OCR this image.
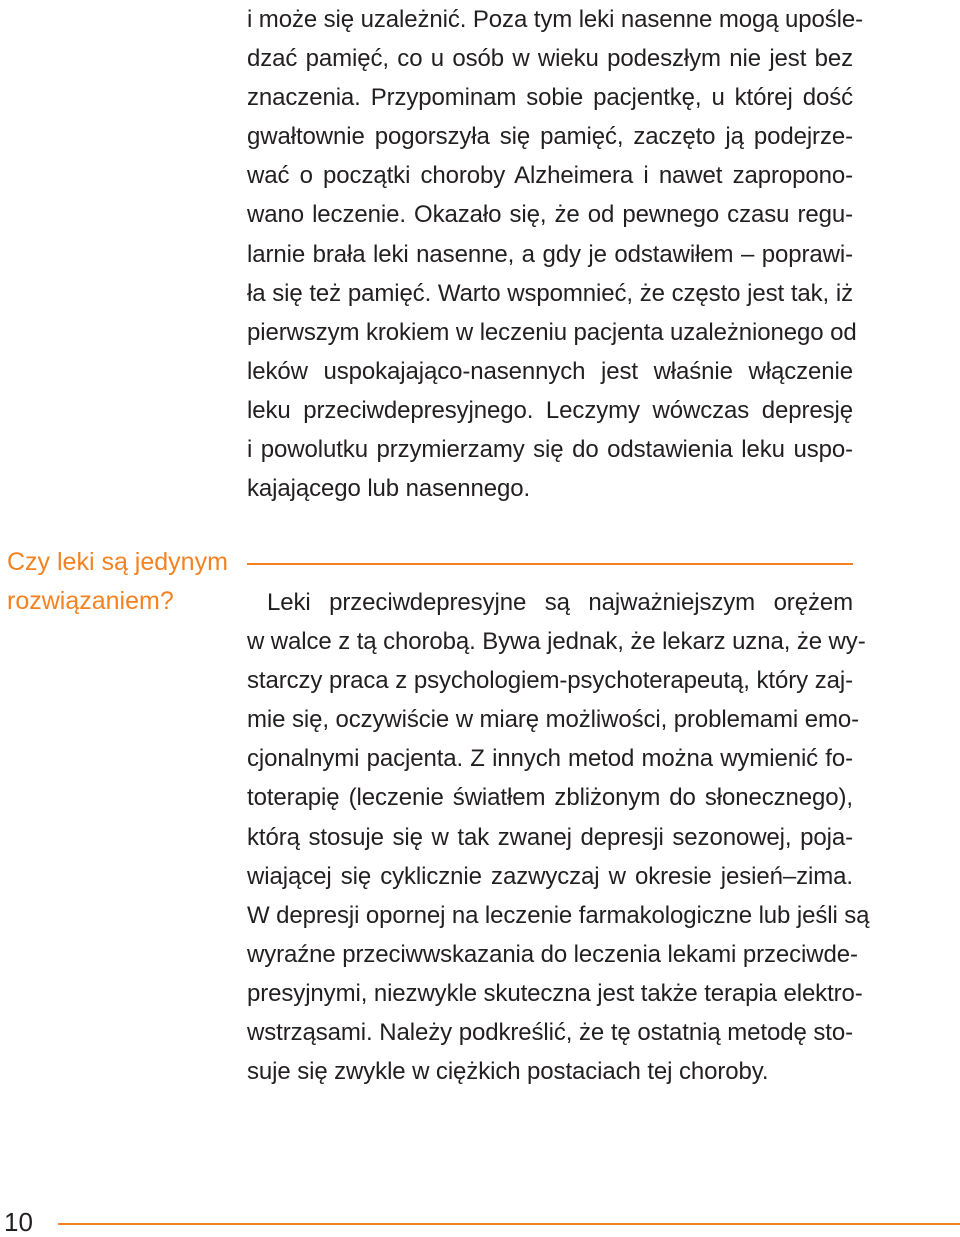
i może się uzależnić. Poza tym leki nasenne mogą upośle-
dzać pamięć, co u osób w wieku podeszłym nie jest bez
znaczenia. Przypominam sobie pacjentkę, u której dość
gwałtownie pogorszyła się pamięć, zaczęto ją podejrze-
wać o początki choroby Alzheimera i nawet zapropono-
wano leczenie. Okazało się, że od pewnego czasu regu-
larnie brała leki nasenne, a gdy je odstawiłem – poprawi-
ła się też pamięć. Warto wspomnieć, że często jest tak, iż
pierwszym krokiem w leczeniu pacjenta uzależnionego od
leków uspokajająco-nasennych jest właśnie włączenie
leku przeciwdepresyjnego. Leczymy wówczas depresję
i powolutku przymierzamy się do odstawienia leku uspo-
kajającego lub nasennego.
Czy leki są jedynym
rozwiązaniem?	Leki przeciwdepresyjne są najważniejszym orężem
w walce z tą chorobą. Bywa jednak, że lekarz uzna, że wy-
starczy praca z psychologiem-psychoterapeutą, który zaj-
mie się, oczywiście w miarę możliwości, problemami emo-
cjonalnymi pacjenta. Z innych metod można wymienić fo-
toterapię (leczenie światłem zbliżonym do słonecznego),
którą stosuje się w tak zwanej depresji sezonowej, poja-
wiającej się cyklicznie zazwyczaj w okresie jesień–zima.
W depresji opornej na leczenie farmakologiczne lub jeśli są
wyraźne przeciwwskazania do leczenia lekami przeciwde-
presyjnymi, niezwykle skuteczna jest także terapia elektro-
wstrząsami. Należy podkreślić, że tę ostatnią metodę sto-
suje się zwykle w ciężkich postaciach tej choroby.
10
